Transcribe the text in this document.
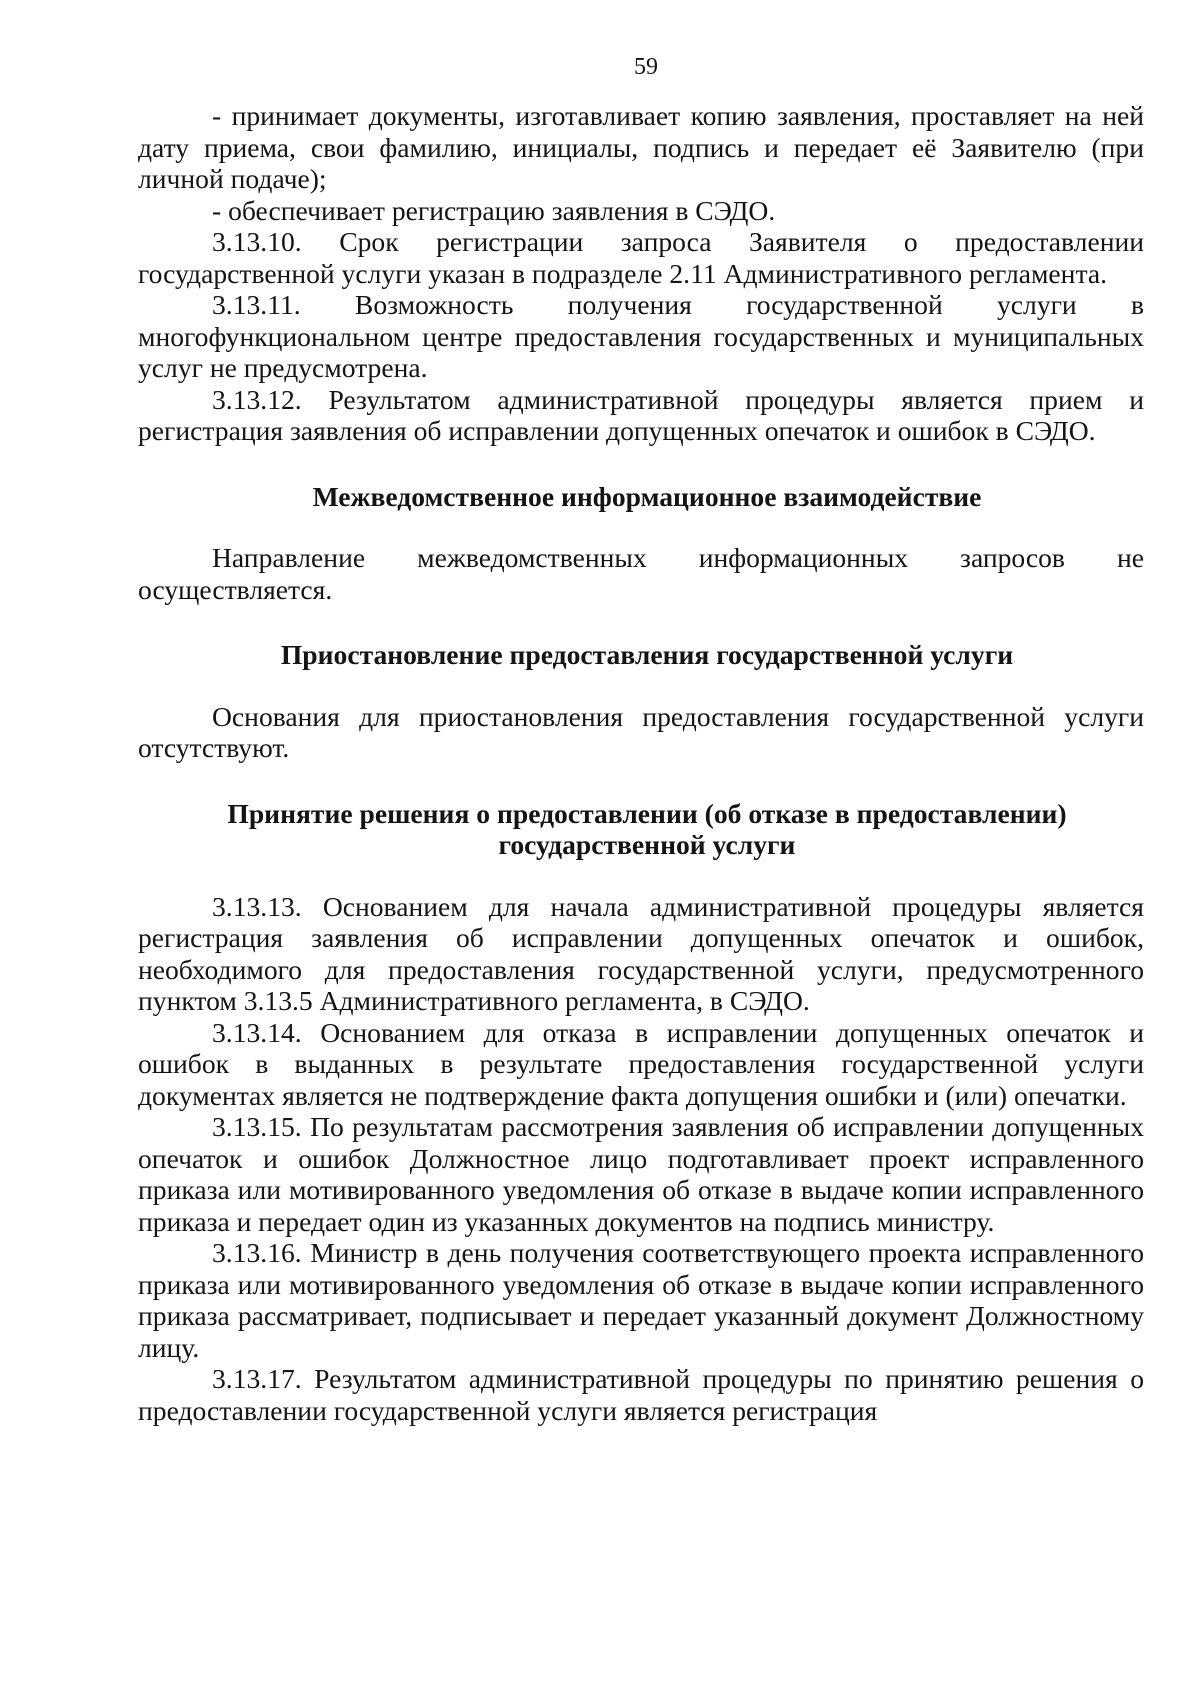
59

- принимает документы, изготавливает копию заявления, проставляет на ней дату приема, свои фамилию, инициалы, подпись и передает её Заявителю (при личной подаче);

- обеспечивает регистрацию заявления в СЭДО.

3.13.10. Срок регистрации запроса Заявителя о предоставлении государственной услуги указан в подразделе 2.11 Административного регламента.

3.13.11. Возможность получения государственной услуги в многофункциональном центре предоставления государственных и муниципальных услуг не предусмотрена.

3.13.12. Результатом административной процедуры является прием и регистрация заявления об исправлении допущенных опечаток и ошибок в СЭДО.

Межведомственное информационное взаимодействие

Направление межведомственных информационных запросов не осуществляется.

Приостановление предоставления государственной услуги

Основания для приостановления предоставления государственной услуги отсутствуют.

Принятие решения о предоставлении (об отказе в предоставлении)
государственной услуги

3.13.13. Основанием для начала административной процедуры является регистрация заявления об исправлении допущенных опечаток и ошибок, необходимого для предоставления государственной услуги, предусмотренного пунктом 3.13.5 Административного регламента, в СЭДО.

3.13.14. Основанием для отказа в исправлении допущенных опечаток и ошибок в выданных в результате предоставления государственной услуги документах является не подтверждение факта допущения ошибки и (или) опечатки.

3.13.15. По результатам рассмотрения заявления об исправлении допущенных опечаток и ошибок Должностное лицо подготавливает проект исправленного приказа или мотивированного уведомления об отказе в выдаче копии исправленного приказа и передает один из указанных документов на подпись министру.

3.13.16. Министр в день получения соответствующего проекта исправленного приказа или мотивированного уведомления об отказе в выдаче копии исправленного приказа рассматривает, подписывает и передает указанный документ Должностному лицу.

3.13.17. Результатом административной процедуры по принятию решения о предоставлении государственной услуги является регистрация
